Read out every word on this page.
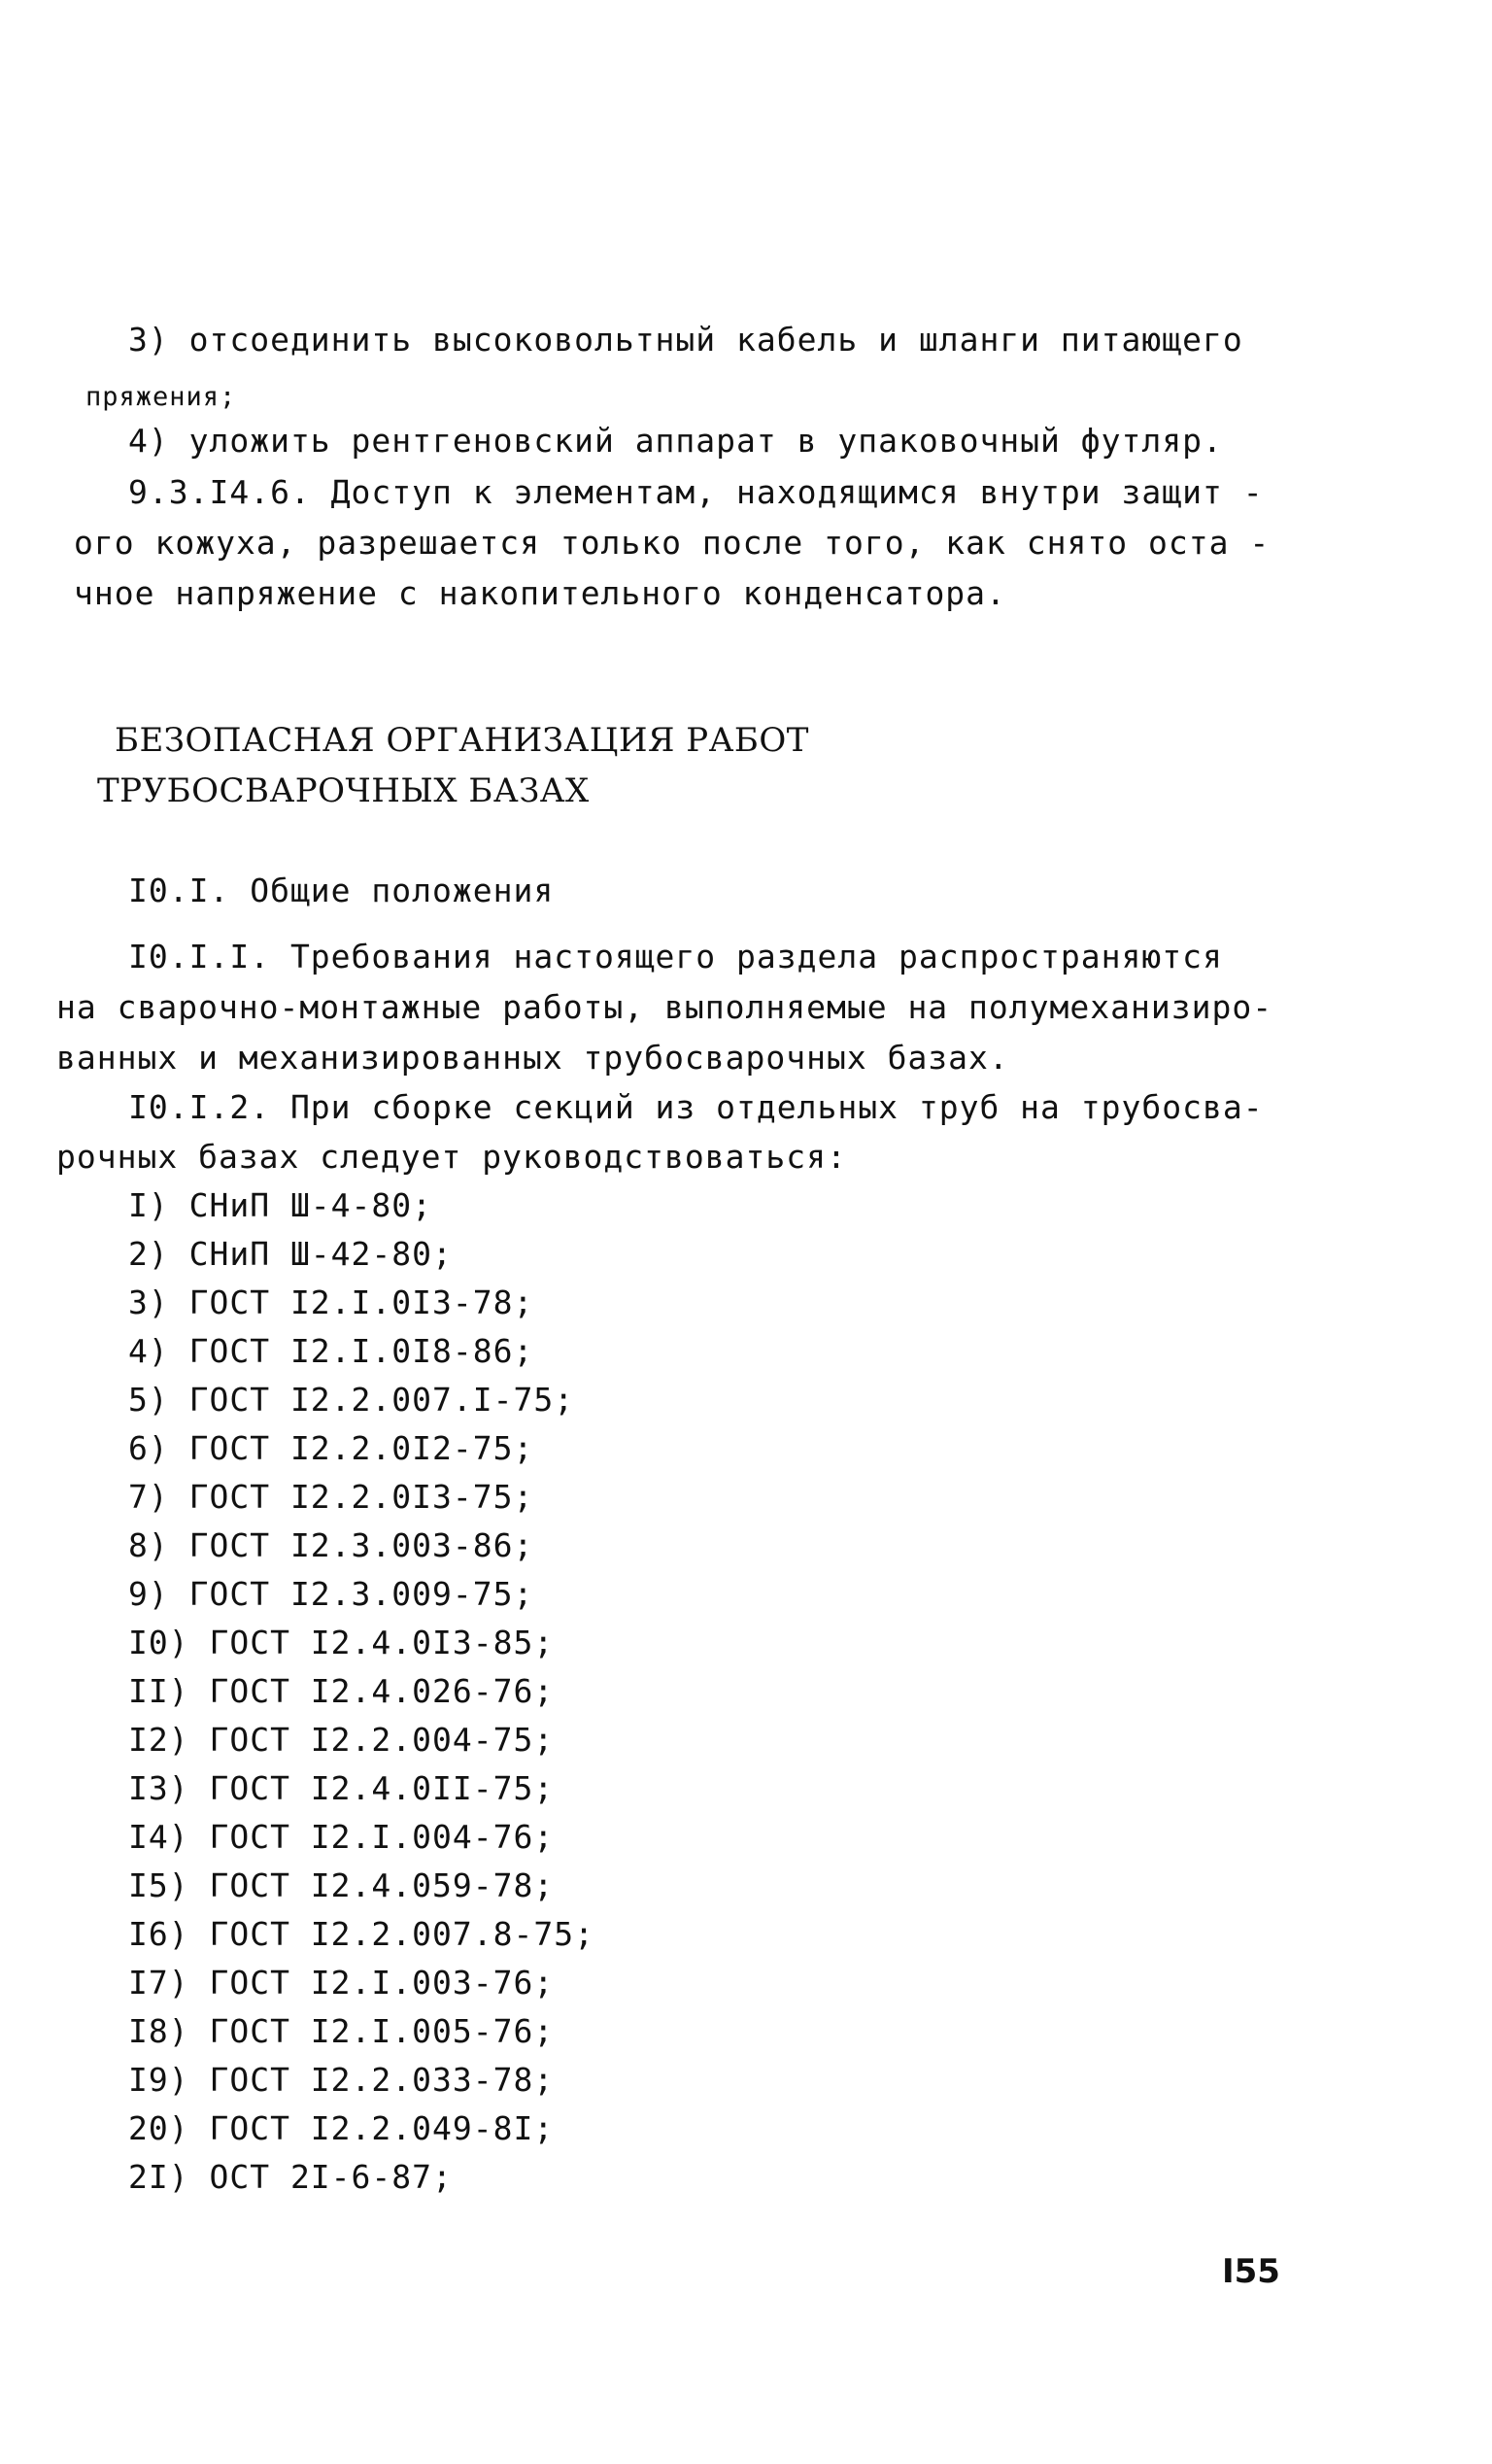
3) отсоединить высоковольтный кабель и шланги питающего
пряжения;
4) уложить рентгеновский аппарат в упаковочный футляр.
9.3.I4.6. Доступ к элементам, находящимся внутри защит -
ого кожуха, разрешается только после того, как снято оста -
чное напряжение с накопительного конденсатора.
БЕЗОПАСНАЯ ОРГАНИЗАЦИЯ РАБОТ
ТРУБОСВАРОЧНЫХ БАЗАХ
I0.I. Общие положения
I0.I.I. Требования настоящего раздела распространяются
на сварочно-монтажные работы, выполняемые на полумеханизиро-
ванных и механизированных трубосварочных базах.
I0.I.2. При сборке секций из отдельных труб на трубосва-
рочных базах следует руководствоваться:
I) СНиП Ш-4-80;
2) СНиП Ш-42-80;
3) ГОСТ I2.I.0I3-78;
4) ГОСТ I2.I.0I8-86;
5) ГОСТ I2.2.007.I-75;
6) ГОСТ I2.2.0I2-75;
7) ГОСТ I2.2.0I3-75;
8) ГОСТ I2.3.003-86;
9) ГОСТ I2.3.009-75;
I0) ГОСТ I2.4.0I3-85;
II) ГОСТ I2.4.026-76;
I2) ГОСТ I2.2.004-75;
I3) ГОСТ I2.4.0II-75;
I4) ГОСТ I2.I.004-76;
I5) ГОСТ I2.4.059-78;
I6) ГОСТ I2.2.007.8-75;
I7) ГОСТ I2.I.003-76;
I8) ГОСТ I2.I.005-76;
I9) ГОСТ I2.2.033-78;
20) ГОСТ I2.2.049-8I;
2I) ОСТ 2I-6-87;
I55
